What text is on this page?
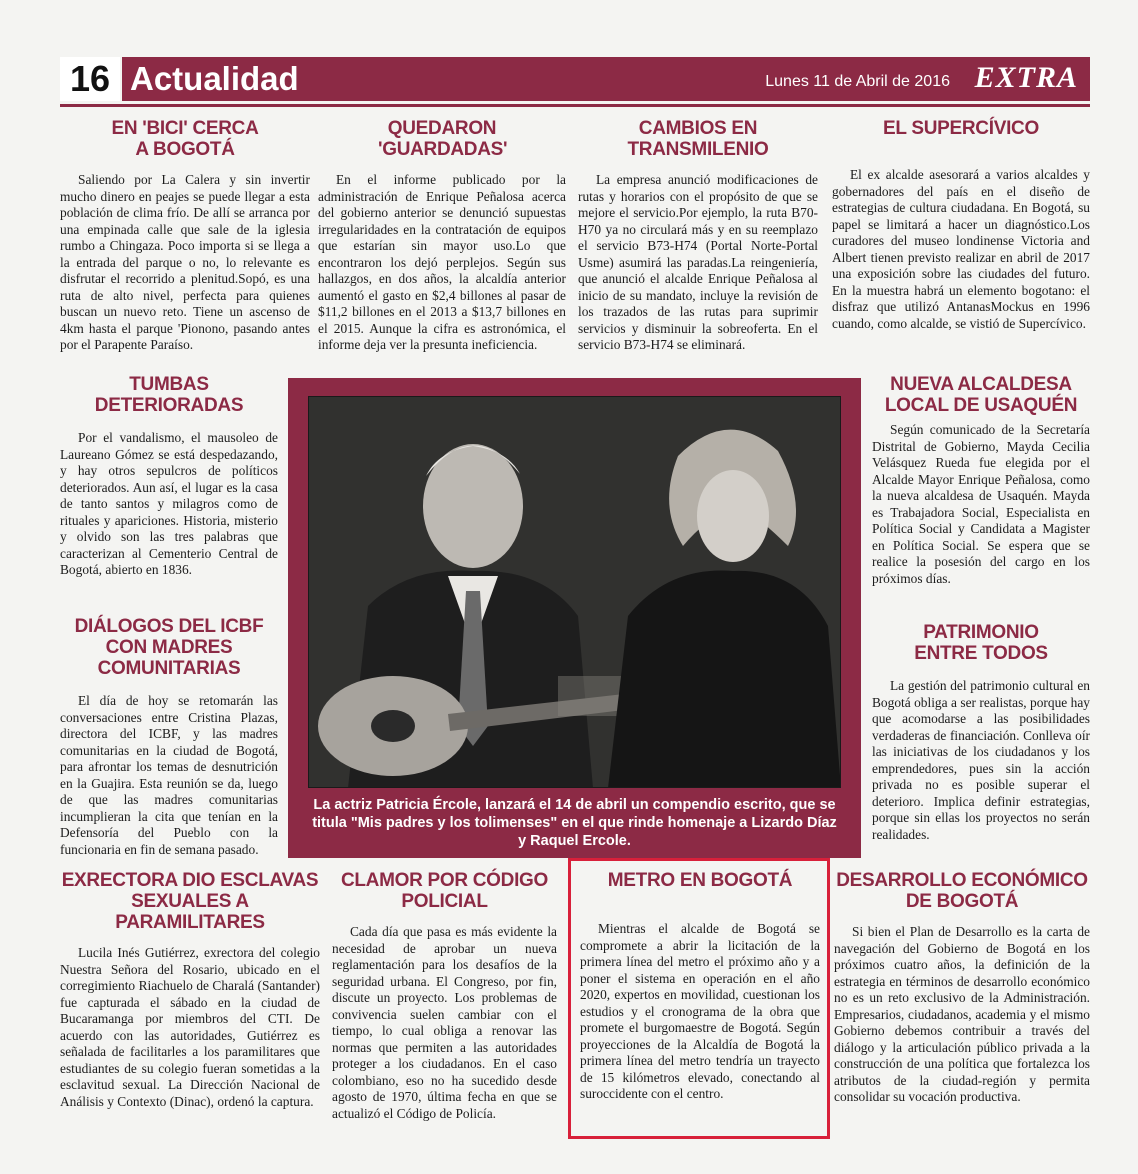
16 Actualidad	Lunes 11 de Abril de 2016 EXTRA
EN 'BICI' CERCA A BOGOTÁ
Saliendo por La Calera y sin invertir mucho dinero en peajes se puede llegar a esta población de clima frío. De allí se arranca por una empinada calle que sale de la iglesia rumbo a Chingaza. Poco importa si se llega a la entrada del parque o no, lo relevante es disfrutar el recorrido a plenitud.Sopó, es una ruta de alto nivel, perfecta para quienes buscan un nuevo reto. Tiene un ascenso de 4km hasta el parque 'Pionono, pasando antes por el Parapente Paraíso.
QUEDARON 'GUARDADAS'
En el informe publicado por la administración de Enrique Peñalosa acerca del gobierno anterior se denunció supuestas irregularidades en la contratación de equipos que estarían sin mayor uso.Lo que encontraron los dejó perplejos. Según sus hallazgos, en dos años, la alcaldía anterior aumentó el gasto en $2,4 billones al pasar de $11,2 billones en el 2013 a $13,7 billones en el 2015. Aunque la cifra es astronómica, el informe deja ver la presunta ineficiencia.
CAMBIOS EN TRANSMILENIO
La empresa anunció modificaciones de rutas y horarios con el propósito de que se mejore el servicio.Por ejemplo, la ruta B70-H70 ya no circulará más y en su reemplazo el servicio B73-H74 (Portal Norte-Portal Usme) asumirá las paradas.La reingeniería, que anunció el alcalde Enrique Peñalosa al inicio de su mandato, incluye la revisión de los trazados de las rutas para suprimir servicios y disminuir la sobreoferta. En el servicio B73-H74 se eliminará.
EL SUPERCÍVICO
El ex alcalde asesorará a varios alcaldes y gobernadores del país en el diseño de estrategias de cultura ciudadana. En Bogotá, su papel se limitará a hacer un diagnóstico.Los curadores del museo londinense Victoria and Albert tienen previsto realizar en abril de 2017 una exposición sobre las ciudades del futuro. En la muestra habrá un elemento bogotano: el disfraz que utilizó AntanasMockus en 1996 cuando, como alcalde, se vistió de Supercívico.
TUMBAS DETERIORADAS
Por el vandalismo, el mausoleo de Laureano Gómez se está despedazando, y hay otros sepulcros de políticos deteriorados. Aun así, el lugar es la casa de tanto santos y milagros como de rituales y apariciones. Historia, misterio y olvido son las tres palabras que caracterizan al Cementerio Central de Bogotá, abierto en 1836.
DIÁLOGOS DEL ICBF CON MADRES COMUNITARIAS
El día de hoy se retomarán las conversaciones entre Cristina Plazas, directora del ICBF, y las madres comunitarias en la ciudad de Bogotá, para afrontar los temas de desnutrición en la Guajira. Esta reunión se da, luego de que las madres comunitarias incumplieran la cita que tenían en la Defensoría del Pueblo con la funcionaria en fin de semana pasado.
La actriz Patricia Ércole, lanzará el 14 de abril un compendio escrito, que se titula "Mis padres y los tolimenses" en el que rinde homenaje a Lizardo Díaz y Raquel Ercole.
NUEVA ALCALDESA LOCAL DE USAQUÉN
Según comunicado de la Secretaría Distrital de Gobierno, Mayda Cecilia Velásquez Rueda fue elegida por el Alcalde Mayor Enrique Peñalosa, como la nueva alcaldesa de Usaquén. Mayda es Trabajadora Social, Especialista en Política Social y Candidata a Magister en Política Social. Se espera que se realice la posesión del cargo en los próximos días.
PATRIMONIO ENTRE TODOS
La gestión del patrimonio cultural en Bogotá obliga a ser realistas, porque hay que acomodarse a las posibilidades verdaderas de financiación. Conlleva oír las iniciativas de los ciudadanos y los emprendedores, pues sin la acción privada no es posible superar el deterioro. Implica definir estrategias, porque sin ellas los proyectos no serán realidades.
EXRECTORA DIO ESCLAVAS SEXUALES A PARAMILITARES
Lucila Inés Gutiérrez, exrectora del colegio Nuestra Señora del Rosario, ubicado en el corregimiento Riachuelo de Charalá (Santander) fue capturada el sábado en la ciudad de Bucaramanga por miembros del CTI. De acuerdo con las autoridades, Gutiérrez es señalada de facilitarles a los paramilitares que estudiantes de su colegio fueran sometidas a la esclavitud sexual. La Dirección Nacional de Análisis y Contexto (Dinac), ordenó la captura.
CLAMOR POR CÓDIGO POLICIAL
Cada día que pasa es más evidente la necesidad de aprobar un nueva reglamentación para los desafíos de la seguridad urbana. El Congreso, por fin, discute un proyecto. Los problemas de convivencia suelen cambiar con el tiempo, lo cual obliga a renovar las normas que permiten a las autoridades proteger a los ciudadanos. En el caso colombiano, eso no ha sucedido desde agosto de 1970, última fecha en que se actualizó el Código de Policía.
METRO EN BOGOTÁ
Mientras el alcalde de Bogotá se compromete a abrir la licitación de la primera línea del metro el próximo año y a poner el sistema en operación en el año 2020, expertos en movilidad, cuestionan los estudios y el cronograma de la obra que promete el burgomaestre de Bogotá. Según proyecciones de la Alcaldía de Bogotá la primera línea del metro tendría un trayecto de 15 kilómetros elevado, conectando al suroccidente con el centro.
DESARROLLO ECONÓMICO DE BOGOTÁ
Si bien el Plan de Desarrollo es la carta de navegación del Gobierno de Bogotá en los próximos cuatro años, la definición de la estrategia en términos de desarrollo económico no es un reto exclusivo de la Administración. Empresarios, ciudadanos, academia y el mismo Gobierno debemos contribuir a través del diálogo y la articulación público privada a la construcción de una política que fortalezca los atributos de la ciudad-región y permita consolidar su vocación productiva.
